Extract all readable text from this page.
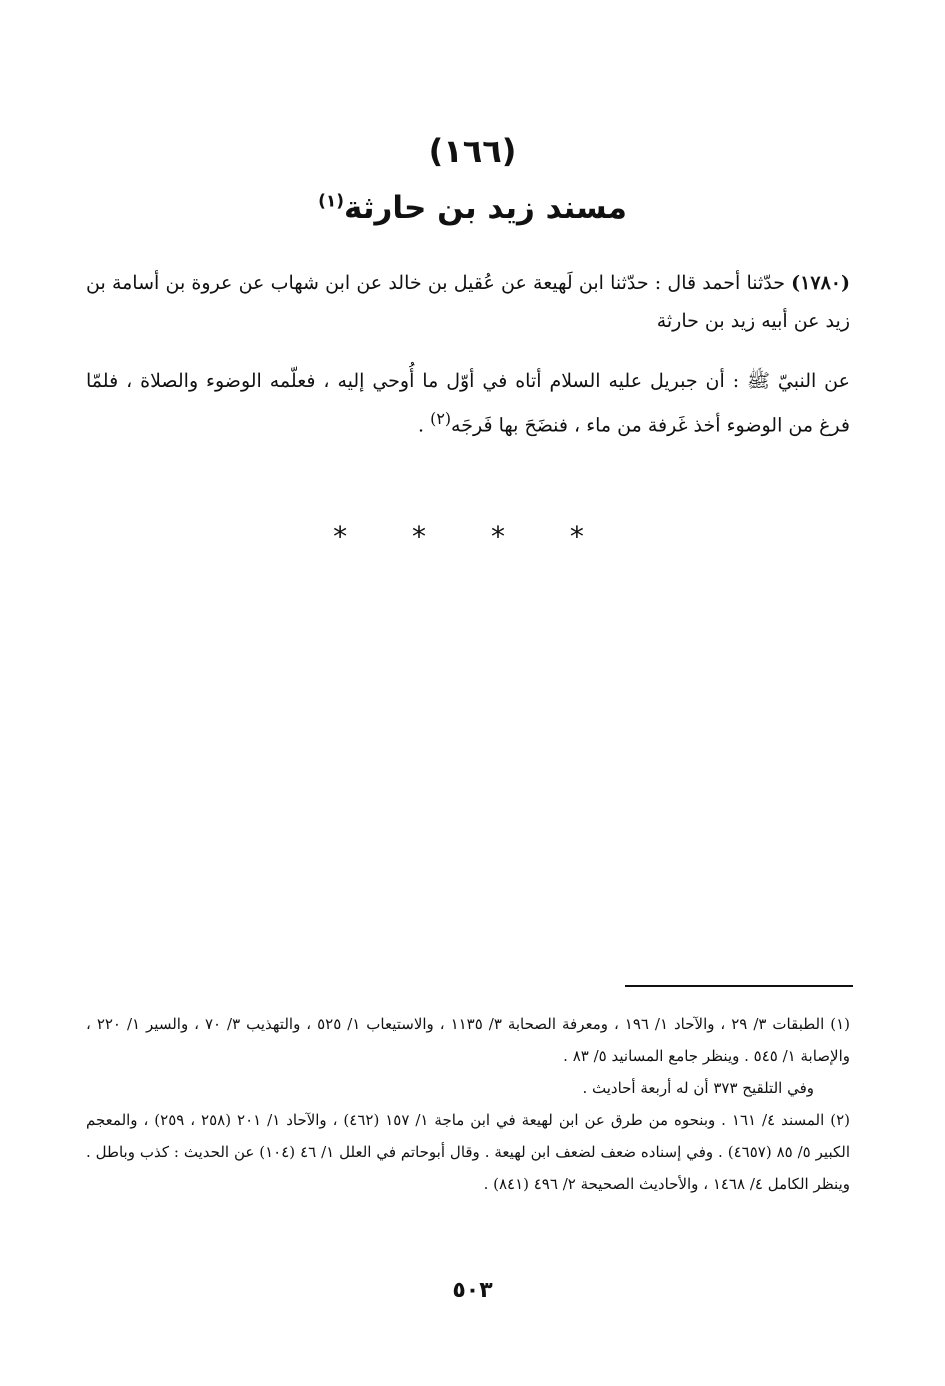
(١٦٦)
مسند زيد بن حارثة$^{(١)}$
(١٧٨٠) حدّثنا أحمد قال : حدّثنا ابن لَهيعة عن عُقيل بن خالد عن ابن شهاب عن عروة بن أسامة بن زيد عن أبيه زيد بن حارثة
عن النبيّ ﷺ : أن جبريل عليه السلام أتاه في أوّل ما أُوحي إليه ، فعلّمه الوضوء والصلاة ، فلمّا فرغ من الوضوء أخذ غَرفة من ماء ، فنضَحَ بها فَرجَه$^{(٢)}$ .
* * * *

(١) الطبقات ٣/ ٢٩ ، والآحاد ١/ ١٩٦ ، ومعرفة الصحابة ٣/ ١١٣٥ ، والاستيعاب ١/ ٥٢٥ ، والتهذيب ٣/ ٧٠ ، والسير ١/ ٢٢٠ ، والإصابة ١/ ٥٤٥ . وينظر جامع المسانيد ٥/ ٨٣ .

وفي التلقيح ٣٧٣ أن له أربعة أحاديث .

(٢) المسند ٤/ ١٦١ . وبنحوه من طرق عن ابن لهيعة في ابن ماجة ١/ ١٥٧ (٤٦٢) ، والآحاد ١/ ٢٠١ (٢٥٨ ، ٢٥٩) ، والمعجم الكبير ٥/ ٨٥ (٤٦٥٧) . وفي إسناده ضعف لضعف ابن لهيعة . وقال أبوحاتم في العلل ١/ ٤٦ (١٠٤) عن الحديث : كذب وباطل . وينظر الكامل ٤/ ١٤٦٨ ، والأحاديث الصحيحة ٢/ ٤٩٦ (٨٤١) .

٥٠٣
